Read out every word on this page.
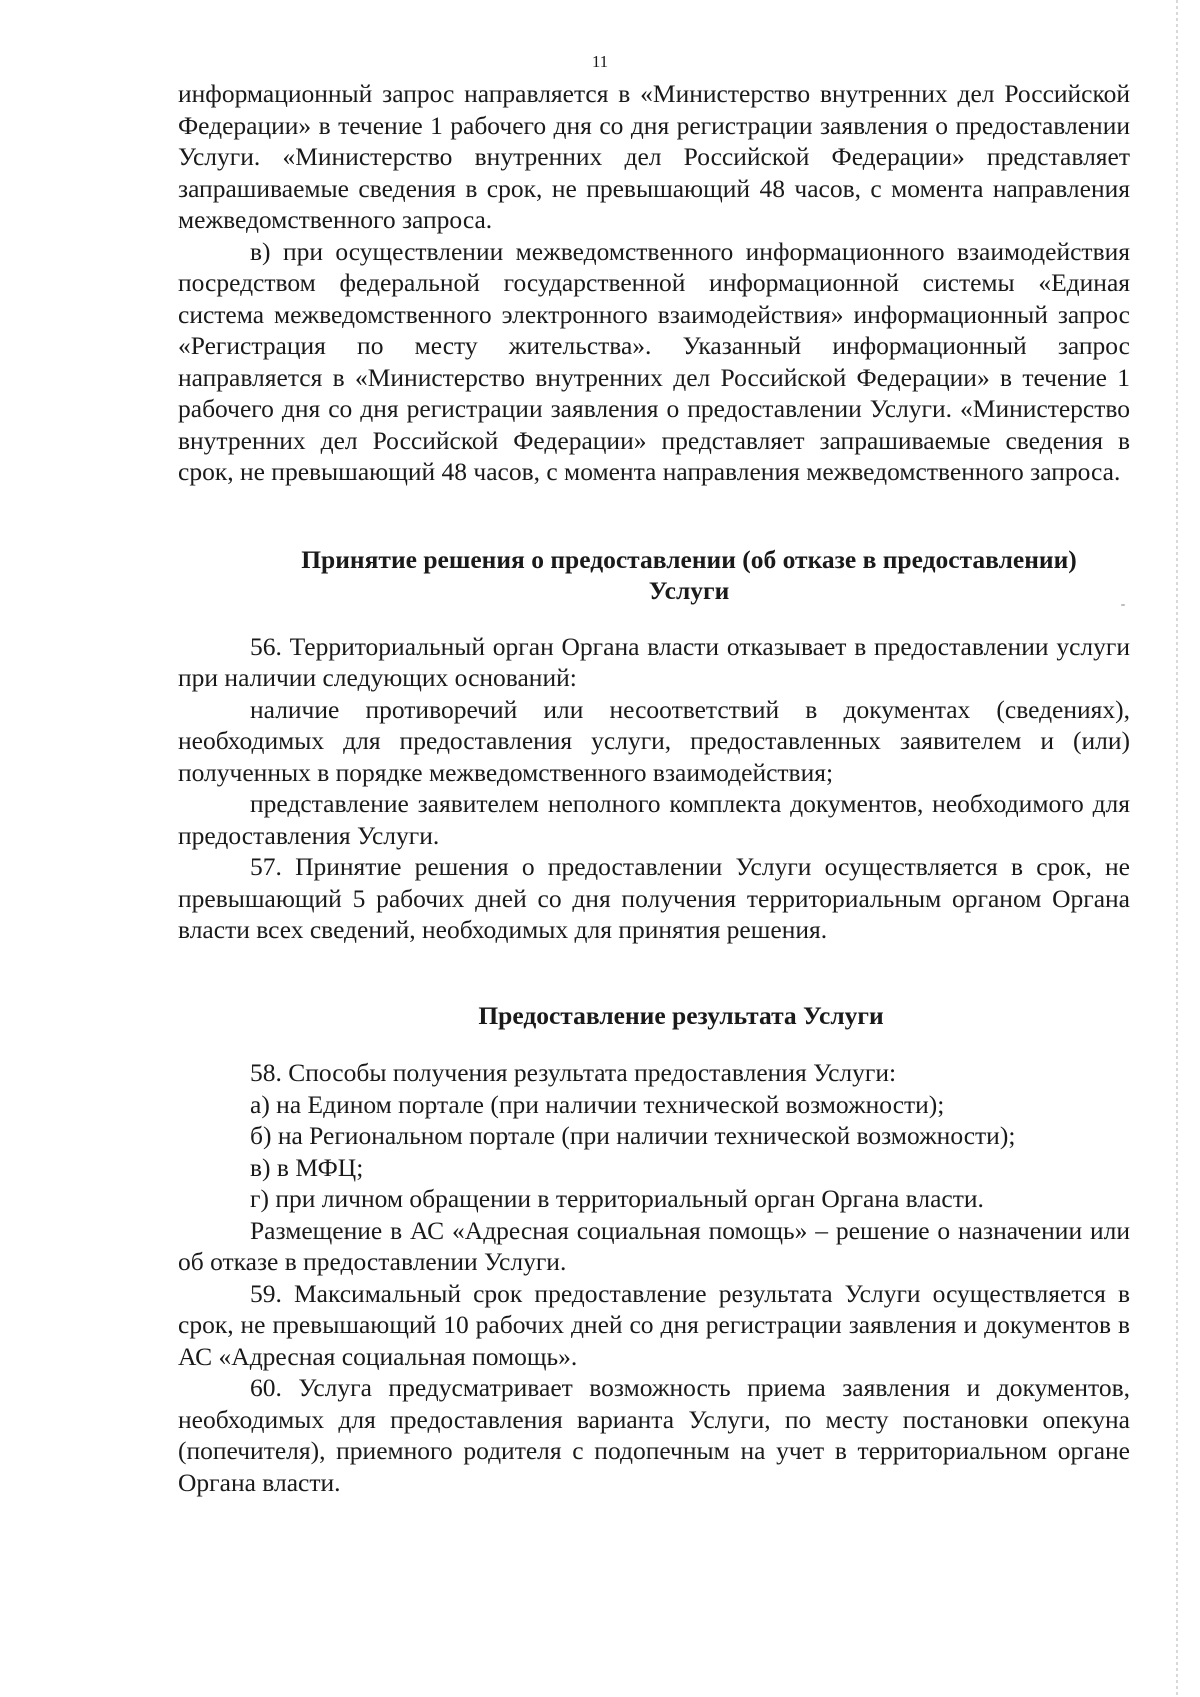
11

информационный запрос направляется в «Министерство внутренних дел Российской Федерации» в течение 1 рабочего дня со дня регистрации заявления о предоставлении Услуги. «Министерство внутренних дел Российской Федерации» представляет запрашиваемые сведения в срок, не превышающий 48 часов, с момента направления межведомственного запроса.

в) при осуществлении межведомственного информационного взаимодействия посредством федеральной государственной информационной системы «Единая система межведомственного электронного взаимодействия» информационный запрос «Регистрация по месту жительства». Указанный информационный запрос направляется в «Министерство внутренних дел Российской Федерации» в течение 1 рабочего дня со дня регистрации заявления о предоставлении Услуги. «Министерство внутренних дел Российской Федерации» представляет запрашиваемые сведения в срок, не превышающий 48 часов, с момента направления межведомственного запроса.

Принятие решения о предоставлении (об отказе в предоставлении)
Услуги

56. Территориальный орган Органа власти отказывает в предоставлении услуги при наличии следующих оснований:

наличие противоречий или несоответствий в документах (сведениях), необходимых для предоставления услуги, предоставленных заявителем и (или) полученных в порядке межведомственного взаимодействия;

представление заявителем неполного комплекта документов, необходимого для предоставления Услуги.

57. Принятие решения о предоставлении Услуги осуществляется в срок, не превышающий 5 рабочих дней со дня получения территориальным органом Органа власти всех сведений, необходимых для принятия решения.

Предоставление результата Услуги

58. Способы получения результата предоставления Услуги:

а) на Едином портале (при наличии технической возможности);

б) на Региональном портале (при наличии технической возможности);

в) в МФЦ;

г) при личном обращении в территориальный орган Органа власти.

Размещение в АС «Адресная социальная помощь» – решение о назначении или об отказе в предоставлении Услуги.

59. Максимальный срок предоставление результата Услуги осуществляется в срок, не превышающий 10 рабочих дней со дня регистрации заявления и документов в АС «Адресная социальная помощь».

60. Услуга предусматривает возможность приема заявления и документов, необходимых для предоставления варианта Услуги, по месту постановки опекуна (попечителя), приемного родителя с подопечным на учет в территориальном органе Органа власти.
